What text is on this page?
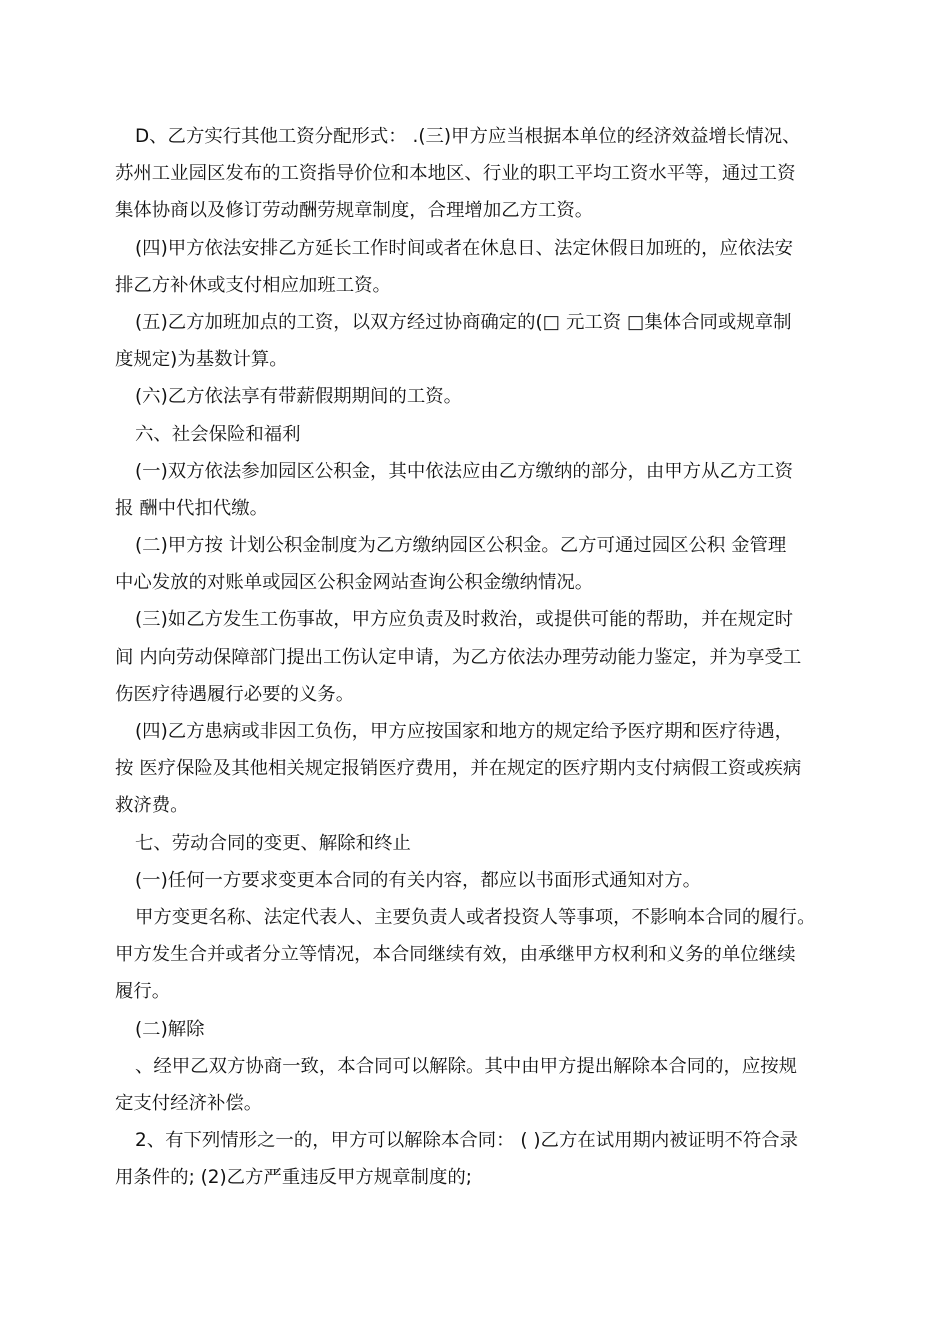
D、乙方实行其他工资分配形式： .(三)甲方应当根据本单位的经济效益增长情况、
苏州工业园区发布的工资指导价位和本地区、行业的职工平均工资水平等，通过工资
集体协商以及修订劳动酬劳规章制度，合理增加乙方工资。
(四)甲方依法安排乙方延长工作时间或者在休息日、法定休假日加班的，应依法安
排乙方补休或支付相应加班工资。
(五)乙方加班加点的工资，以双方经过协商确定的(□ 元工资 □集体合同或规章制
度规定)为基数计算。
(六)乙方依法享有带薪假期期间的工资。
六、社会保险和福利
(一)双方依法参加园区公积金，其中依法应由乙方缴纳的部分，由甲方从乙方工资
报 酬中代扣代缴。
(二)甲方按 计划公积金制度为乙方缴纳园区公积金。乙方可通过园区公积 金管理
中心发放的对账单或园区公积金网站查询公积金缴纳情况。
(三)如乙方发生工伤事故，甲方应负责及时救治，或提供可能的帮助，并在规定时
间 内向劳动保障部门提出工伤认定申请，为乙方依法办理劳动能力鉴定，并为享受工
伤医疗待遇履行必要的义务。
(四)乙方患病或非因工负伤，甲方应按国家和地方的规定给予医疗期和医疗待遇，
按 医疗保险及其他相关规定报销医疗费用，并在规定的医疗期内支付病假工资或疾病
救济费。
七、劳动合同的变更、解除和终止
(一)任何一方要求变更本合同的有关内容，都应以书面形式通知对方。
甲方变更名称、法定代表人、主要负责人或者投资人等事项，不影响本合同的履行。
甲方发生合并或者分立等情况，本合同继续有效，由承继甲方权利和义务的单位继续
履行。
(二)解除
、经甲乙双方协商一致，本合同可以解除。其中由甲方提出解除本合同的，应按规
定支付经济补偿。
2、有下列情形之一的，甲方可以解除本合同： ( )乙方在试用期内被证明不符合录
用条件的; (2)乙方严重违反甲方规章制度的;
